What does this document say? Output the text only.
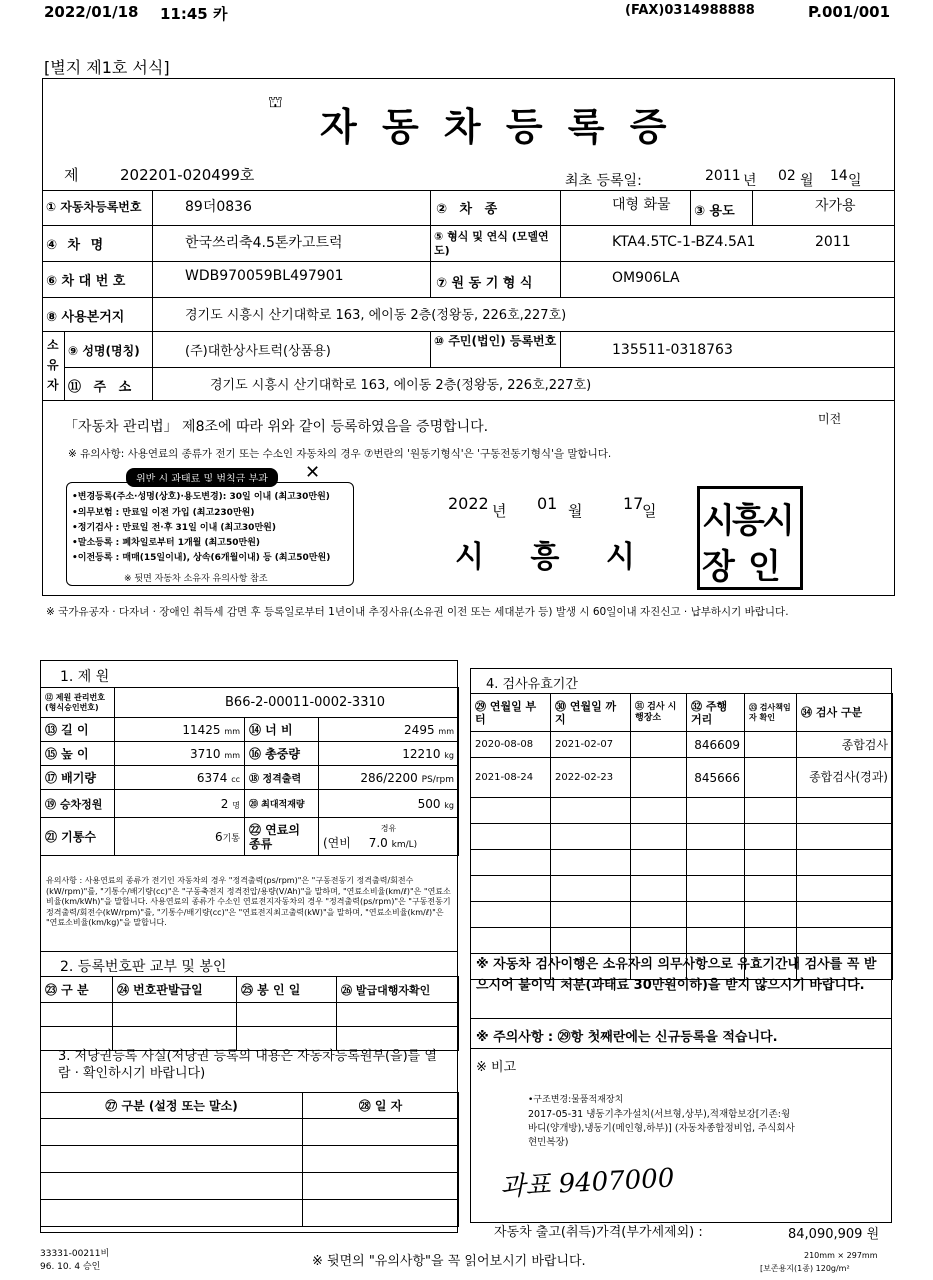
2022/01/18 11:45 카	(FAX)0314988888	P.001/001
[별지 제1호 서식]
⛫
자 동 차 등 록 증
제	202201-020499호	최초 등록일:	2011 년 02 월 14 일
① 자동차등록번호	89더0836	② 차 종	대형 화물 ③ 용도	자가용
④ 차 명	한국쓰리축4.5톤카고트럭	⑤ 형식 및 연식 (모델연도)
KTA4.5TC-1-BZ4.5A1	2011
⑥ 차 대 번 호	WDB970059BL497901	⑦ 원 동 기 형 식	OM906LA
⑧ 사용본거지	경기도 시흥시 산기대학로 163, 에이동 2층(정왕동, 226호,227호)
소유자
⑨ 성명(명칭)	(주)대한상사트럭(상품용)
⑩ 주민(법인) 등록번호
135511-0318763
⑪ 주 소	경기도 시흥시 산기대학로 163, 에이동 2층(정왕동, 226호,227호)
「자동차 관리법」 제8조에 따라 위와 같이 등록하였음을 증명합니다.	미전
※ 유의사항: 사용연료의 종류가 전기 또는 수소인 자동차의 경우 ⑦번란의 '원동기형식'은 '구동전동기형식'을 말합니다.
위반 시 과태료 및 범칙금 부과	✕
•변경등록(주소·성명(상호)·용도변경): 30일 이내 (최고30만원)
•의무보험 : 만료일 이전 가입 (최고230만원)
•정기검사 : 만료일 전·후 31일 이내 (최고30만원)
•말소등록 : 폐차일로부터 1개월 (최고50만원)
•이전등록 : 매매(15일이내), 상속(6개월이내) 등 (최고50만원)
※ 뒷면 자동차 소유자 유의사항 참조
2022 년 01 월	17
일
시 흥 시
시
흥
시
장 인
※ 국가유공자 · 다자녀 · 장애인 취득세 감면 후 등록일로부터 1년이내 추징사유(소유권 이전 또는 세대분가 등) 발생 시 60일이내 자진신고 · 납부하시기 바랍니다.
1. 제 원
⑫ 제원 관리번호 (형식승인번호)	B66-2-00011-0002-3310		
⑬ 길 이	11425 mm	⑭ 너 비	2495 mm
⑮ 높 이	3710 mm	⑯ 총중량	12210 kg
⑰ 배기량	6374 cc	⑱ 정격출력	286/2200 PS/rpm
⑲ 승차정원	2 명	⑳ 최대적재량	500 kg
㉑ 기통수	6기통	㉒ 연료의 종류	경유
(연비 7.0 km/L)
유의사항 : 사용연료의 종류가 전기인 자동차의 경우 "정격출력(ps/rpm)"은 "구동전동기 정격출력/회전수(kW/rpm)"를, "기통수/배기량(cc)"은 "구동축전지 정격전압/용량(V/Ah)"을 말하며, "연료소비율(km/ℓ)"은 "연료소비율(km/kWh)"을 말합니다. 사용연료의 종류가 수소인 연료전지자동차의 경우 "정격출력(ps/rpm)"은 "구동전동기 정격출력/회전수(kW/rpm)"를, "기통수/배기량(cc)"은 "연료전지최고출력(kW)"을 말하며, "연료소비율(km/ℓ)"은 "연료소비율(km/kg)"을 말합니다.
2. 등록번호판 교부 및 봉인
㉓ 구 분	㉔ 번호판발급일	㉕ 봉 인 일	㉖ 발급대행자확인

3. 저당권등록 사실(저당권 등록의 내용은 자동차등록원부(을)를 열람 · 확인하시기 바랍니다)
㉗ 구분 (설정 또는 말소)	㉘ 일 자

4. 검사유효기간
㉙ 연월일 부터	㉚ 연월일 까지	㉛ 검사 시행장소	㉜ 주행 거리	㉝ 검사책임자 확인	㉞ 검사 구분
2020-08-08	2021-02-07		846609		종합검사
2021-08-24	2022-02-23		845666		종합검사(경과)

※ 자동차 검사이행은 소유자의 의무사항으로 유효기간내 검사를 꼭 받으시어 불이익 처분(과태료 30만원이하)을 받지 않으시기 바랍니다.
※ 주의사항 : ㉙항 첫째란에는 신규등록을 적습니다.
※ 비고
•구조변경:물품적재장치
2017-05-31 냉동기추가설치(서브형,상부),적재함보강[기존:윙
바디(양개방),냉동기(메인형,하부)] (자동차종합정비업, 주식회사
현민복장)
과표 9407000
자동차 출고(취득)가격(부가세제외) :	84,090,909 원
33331-00211비
96. 10. 4 승인	※ 뒷면의 "유의사항"을 꼭 읽어보시기 바랍니다.	210mm × 297mm
[보존용지(1종) 120g/m²
